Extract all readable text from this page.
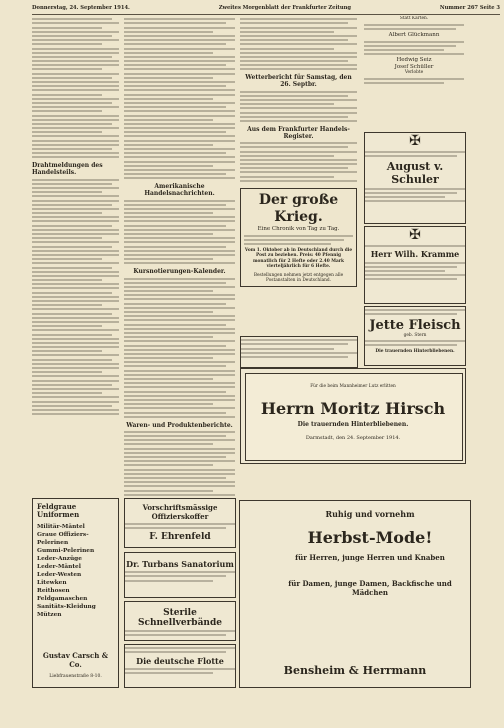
Donnerstag, 24. September 1914.	Zweites Morgenblatt der Frankfurter Zeitung	Nummer 267 Seite 3
Drahtmeldungen des Handelsteils.
Amerikanische Handelsnachrichten.
Kursnotierungen-Kalender.
Waren- und Produktenberichte.
Wetterbericht für Samstag, den 26. Septbr.
Aus dem Frankfurter Handels-Register.
Der große Krieg.
Eine Chronik von Tag zu Tag.
Vom 1. Oktober ab in Deutschland durch die Post zu beziehen. Preis: 40 Pfennig monatlich für 2 Hefte oder 2.40 Mark vierteljährlich für 6 Hefte.
Bestellungen nehmen jetzt entgegen alle Postanstalten in Deutschland.
Statt Karten.
Albert Glückmann
Hedwig Seiz
Josef Schüller
Verlobte
✠
August v. Schuler
✠
Herr Wilh. Kramme
Jette Fleisch
geb. Stern
Die trauernden Hinterbliebenen.
Für die beim Mannheimer Lutz erlitten
Herrn Moritz Hirsch
Die trauernden Hinterbliebenen.
Darmstadt, den 24. September 1914.
Feldgraue Uniformen
Militär-Mäntel
Graue Offiziers-Pelerinen
Gummi-Pelerinen
Leder-Anzüge
Leder-Mäntel
Leder-Westen
Litewken
Reithosen
Feldgamaschen
Sanitäts-Kleidung
Mützen
Gustav Carsch & Co.
Liebfrauenstraße 8-10.
Vorschriftsmässige Offizierskoffer
F. Ehrenfeld
Dr. Turbans Sanatorium
Sterile Schnellverbände
Die deutsche Flotte
Ruhig und vornehm
Herbst-Mode!
für Herren, junge Herren und Knaben
für Damen, junge Damen, Backfische und Mädchen
Bensheim & Herrmann
